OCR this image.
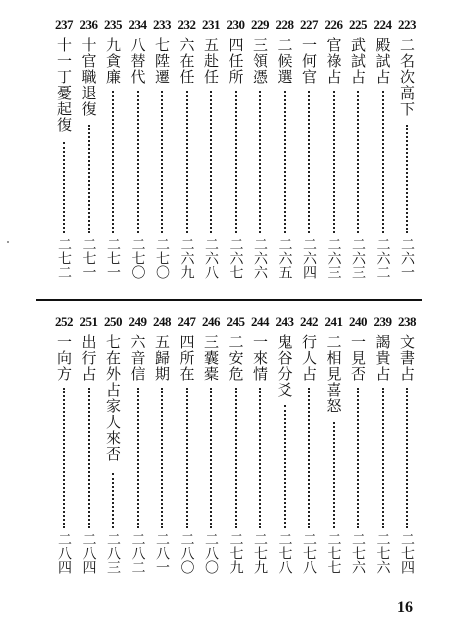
223
二名次高下
二六一
224
殿試占
二六二
225
武試占
二六三
226
官祿占
二六三
227
一何官
二六四
228
二候選
二六五
229
三領憑
二六六
230
四任所
二六七
231
五赴任
二六八
232
六在任
二六九
233
七陞遷
二七〇
234
八替代
二七〇
235
九貪廉
二七一
236
十官職退復
二七一
237
十一丁憂起復
二七二
238
文書占
二七四
239
謁貴占
二七六
240
一見否
二七六
241
二相見喜怒
二七七
242
行人占
二七八
243
鬼谷分爻
二七八
244
一來情
二七九
245
二安危
二七九
246
三囊橐
二八〇
247
四所在
二八〇
248
五歸期
二八一
249
六音信
二八二
250
七在外占家人來否
二八三
251
出行占
二八四
252
一向方
二八四
16
